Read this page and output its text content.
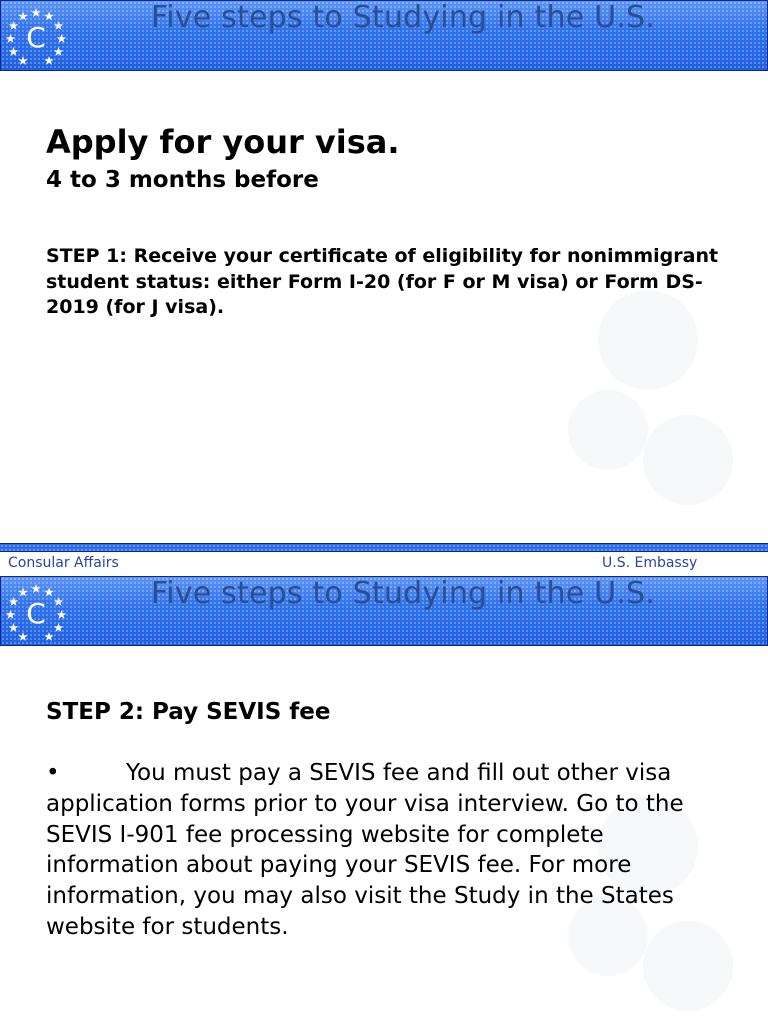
C
Five steps to Studying in the U.S.
Apply for your visa.
4 to 3 months before

STEP 1: Receive your certificate of eligibility for nonimmigrant student status: either Form I-20 (for F or M visa) or Form DS-2019 (for J visa).

Consular Affairs	U.S. Embassy
C
Five steps to Studying in the U.S.
STEP 2: Pay SEVIS fee

•	You must pay a SEVIS fee and fill out other visa application forms prior to your visa interview. Go to the SEVIS I-901 fee processing website for complete information about paying your SEVIS fee. For more information, you may also visit the Study in the States website for students.
